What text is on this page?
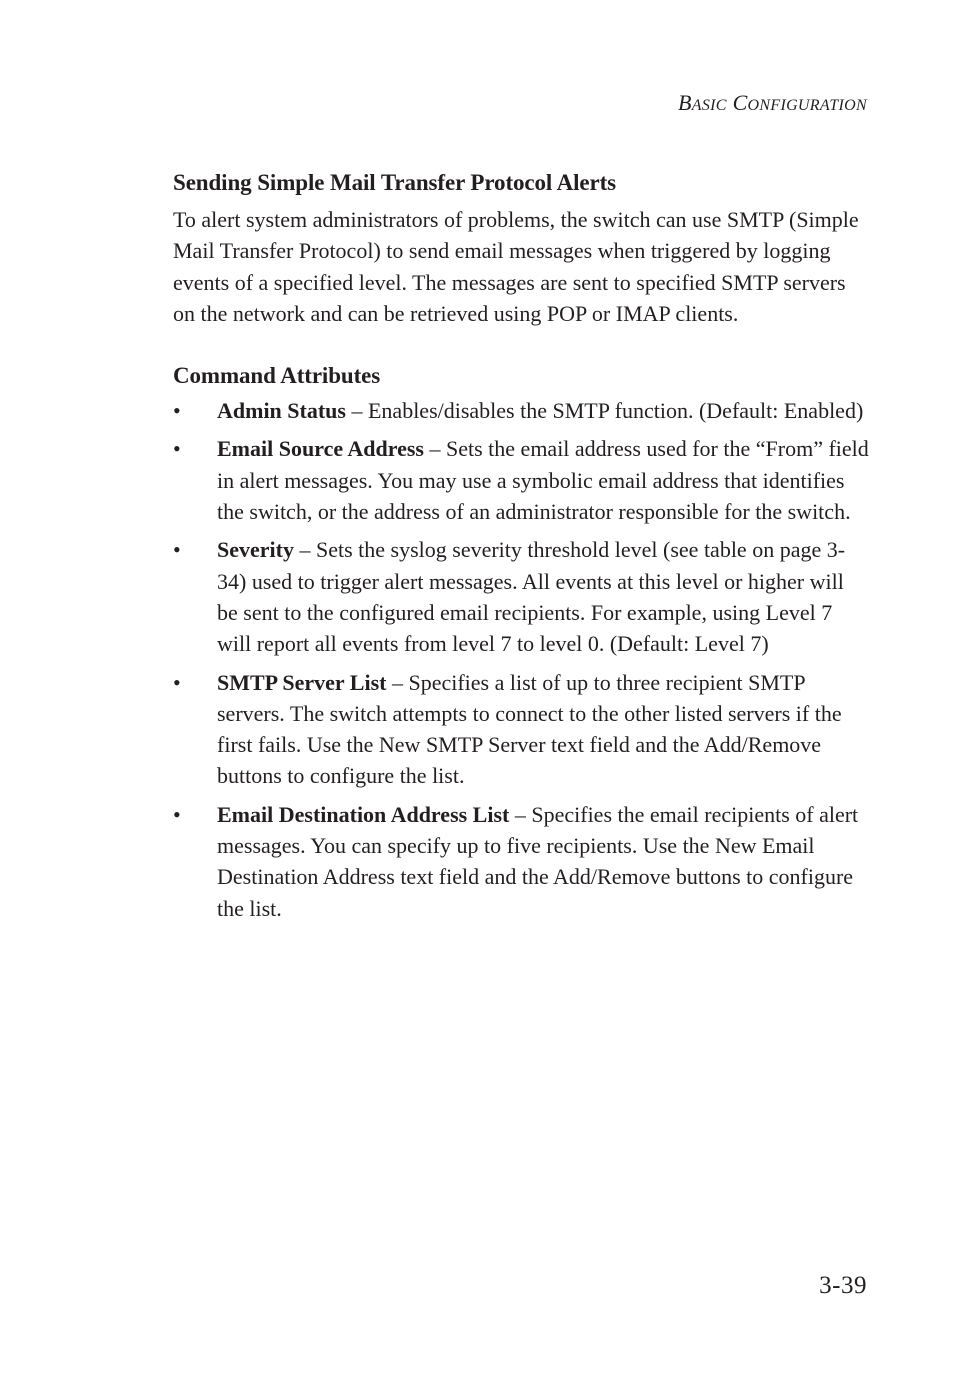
BASIC CONFIGURATION
Sending Simple Mail Transfer Protocol Alerts

To alert system administrators of problems, the switch can use SMTP (Simple Mail Transfer Protocol) to send email messages when triggered by logging events of a specified level. The messages are sent to specified SMTP servers on the network and can be retrieved using POP or IMAP clients.

Command Attributes
• Admin Status – Enables/disables the SMTP function. (Default: Enabled)
• Email Source Address – Sets the email address used for the “From” field in alert messages. You may use a symbolic email address that identifies the switch, or the address of an administrator responsible for the switch.
• Severity – Sets the syslog severity threshold level (see table on page 3-34) used to trigger alert messages. All events at this level or higher will be sent to the configured email recipients. For example, using Level 7 will report all events from level 7 to level 0. (Default: Level 7)
• SMTP Server List – Specifies a list of up to three recipient SMTP servers. The switch attempts to connect to the other listed servers if the first fails. Use the New SMTP Server text field and the Add/Remove buttons to configure the list.
• Email Destination Address List – Specifies the email recipients of alert messages. You can specify up to five recipients. Use the New Email Destination Address text field and the Add/Remove buttons to configure the list.
3-39
